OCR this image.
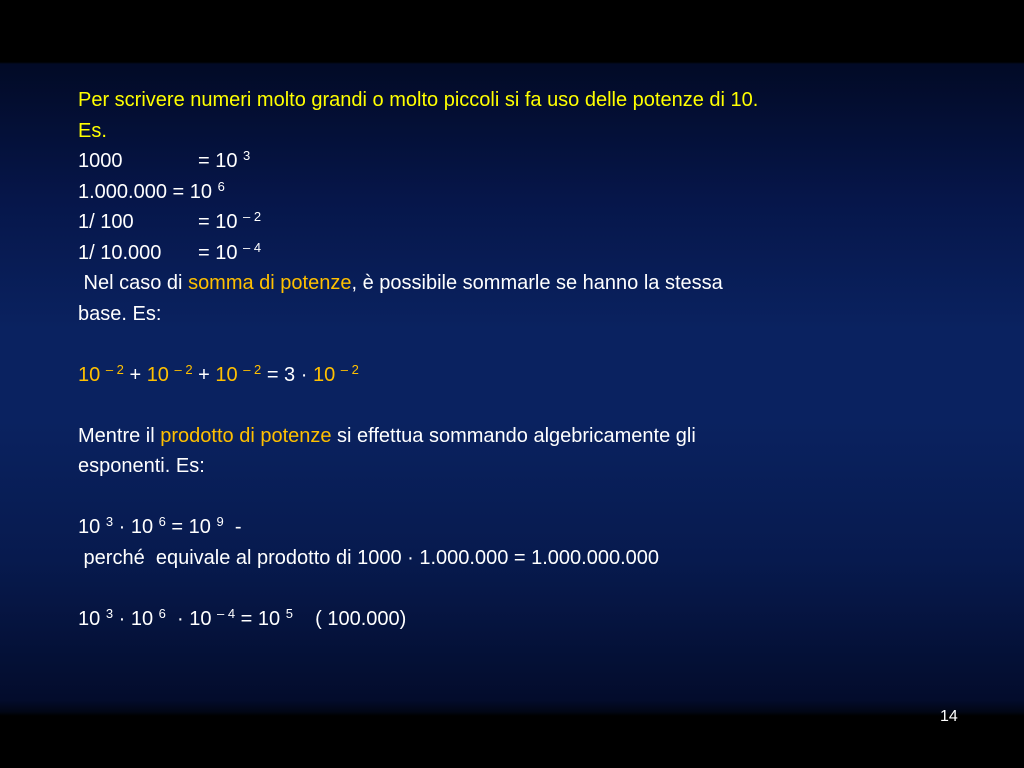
Per scrivere numeri molto grandi o molto piccoli si fa uso delle potenze di 10.
Es.
1000	= 10 $^3$
1.000.000 = 10 $^6$
1/ 100	= 10 $^{- 2}$
1/ 10.000 = 10 $^{- 4}$
Nel caso di somma di potenze, è possibile sommarle se hanno la stessa
base. Es:
10 $^{- 2}$ + 10 $^{- 2}$ + 10 $^{- 2}$ = 3 · 10 $^{- 2}$
Mentre il prodotto di potenze si effettua sommando algebricamente gli
esponenti. Es:
10 $^3$ · 10 $^6$ = 10 $^9$  -
perché  equivale al prodotto di 1000 · 1.000.000 = 1.000.000.000
10 $^3$ · 10 $^6$  · 10 $^{- 4}$ = 10 $^5$    ( 100.000)
14
